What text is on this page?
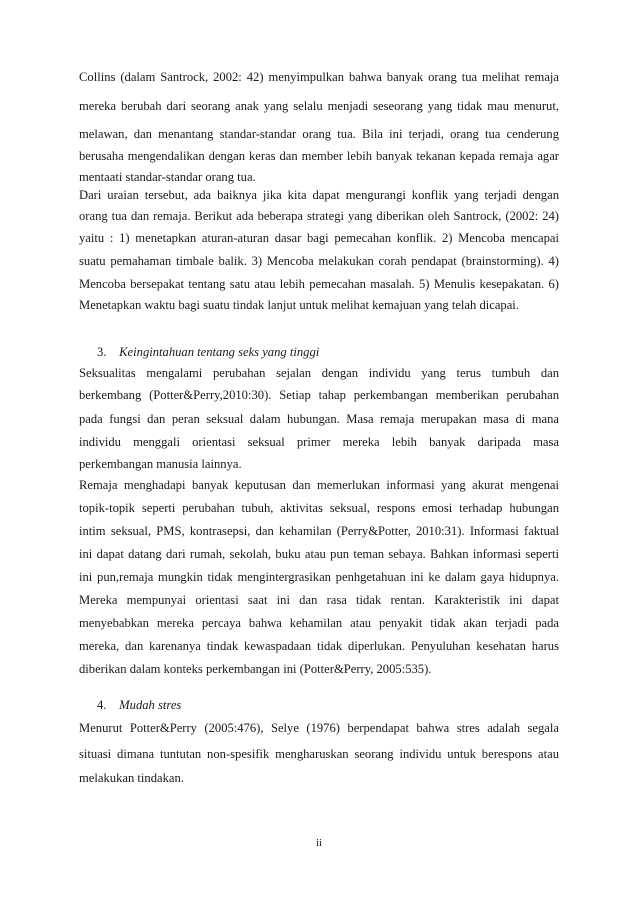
Collins (dalam Santrock, 2002: 42) menyimpulkan bahwa banyak orang tua melihat remaja
mereka berubah dari seorang anak yang selalu menjadi seseorang yang tidak mau menurut,
melawan, dan menantang standar-standar orang tua. Bila ini terjadi, orang tua cenderung
berusaha mengendalikan dengan keras dan member lebih banyak tekanan kepada remaja agar
mentaati standar-standar orang tua.
Dari uraian tersebut, ada baiknya jika kita dapat mengurangi konflik yang terjadi dengan
orang tua dan remaja. Berikut ada beberapa strategi yang diberikan oleh Santrock, (2002: 24)
yaitu : 1) menetapkan aturan-aturan dasar bagi pemecahan konflik. 2) Mencoba mencapai
suatu pemahaman timbale balik. 3) Mencoba melakukan corah pendapat (brainstorming). 4)
Mencoba bersepakat tentang satu atau lebih pemecahan masalah. 5) Menulis kesepakatan. 6)
Menetapkan waktu bagi suatu tindak lanjut untuk melihat kemajuan yang telah dicapai.
3. Keingintahuan tentang seks yang tinggi
Seksualitas mengalami perubahan sejalan dengan individu yang terus tumbuh dan
berkembang (Potter&Perry,2010:30). Setiap tahap perkembangan memberikan perubahan
pada fungsi dan peran seksual dalam hubungan. Masa remaja merupakan masa di mana
individu menggali orientasi seksual primer mereka lebih banyak daripada masa
perkembangan manusia lainnya.
Remaja menghadapi banyak keputusan dan memerlukan informasi yang akurat mengenai
topik-topik seperti perubahan tubuh, aktivitas seksual, respons emosi terhadap hubungan
intim seksual, PMS, kontrasepsi, dan kehamilan (Perry&Potter, 2010:31). Informasi faktual
ini dapat datang dari rumah, sekolah, buku atau pun teman sebaya. Bahkan informasi seperti
ini pun,remaja mungkin tidak mengintergrasikan penhgetahuan ini ke dalam gaya hidupnya.
Mereka mempunyai orientasi saat ini dan rasa tidak rentan. Karakteristik ini dapat
menyebabkan mereka percaya bahwa kehamilan atau penyakit tidak akan terjadi pada
mereka, dan karenanya tindak kewaspadaan tidak diperlukan. Penyuluhan kesehatan harus
diberikan dalam konteks perkembangan ini (Potter&Perry, 2005:535).
4. Mudah stres
Menurut Potter&Perry (2005:476), Selye (1976) berpendapat bahwa stres adalah segala
situasi dimana tuntutan non-spesifik mengharuskan seorang individu untuk berespons atau
melakukan tindakan.
ii
